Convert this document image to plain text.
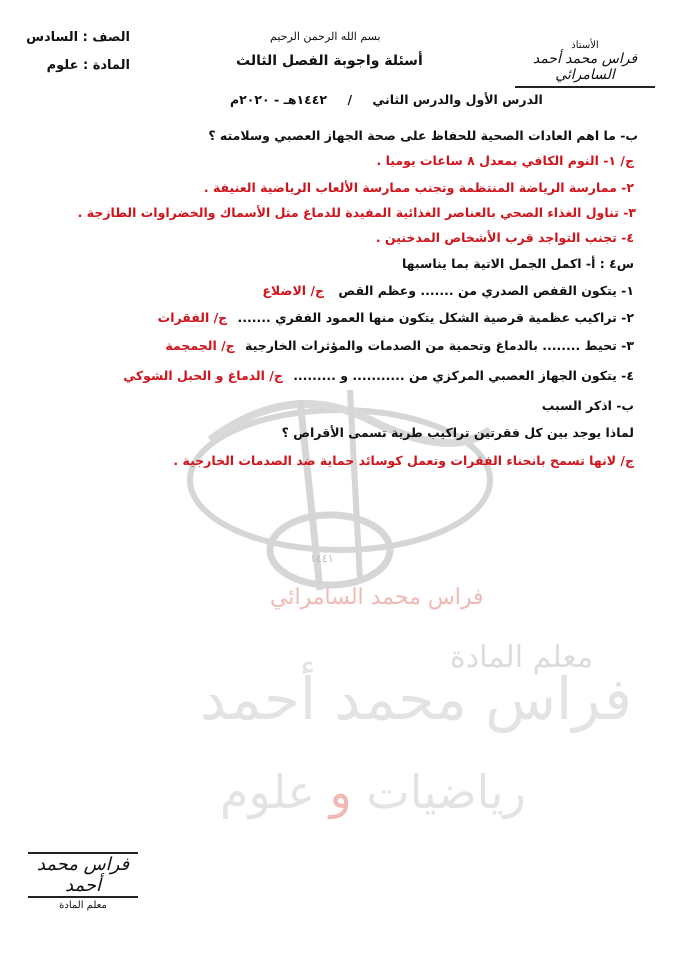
١٤٤١
فراس محمد السامرائي
معلم المادة
فراس محمد أحمد
رياضيات و علوم
الصف : السادس
المادة : علوم
بسم الله الرحمن الرحيم
أسئلة واجوبة الفصل الثالث
الدرس الأول والدرس الثاني / ١٤٤٢هـ - ٢٠٢٠م
الأستاذ
فراس محمد أحمد السامرائي
ب- ما اهم العادات الصحية للحفاظ على صحة الجهاز العصبي وسلامته ؟
ج/ ١- النوم الكافي بمعدل ٨ ساعات يوميا .
٢- ممارسة الرياضة المنتظمة وتجنب ممارسة الألعاب الرياضية العنيفة .
٣- تناول الغذاء الصحي بالعناصر الغذائية المفيدة للدماغ مثل الأسماك والخضراوات الطازجة .
٤- تجنب التواجد قرب الأشخاص المدخنين .
س٤ : أ- اكمل الجمل الاتية بما يناسبها
١- يتكون القفص الصدري من ....... وعظم القص ج/ الاضلاع
٢- تراكيب عظمية قرصية الشكل يتكون منها العمود الفقري ....... ج/ الفقرات
٣- تحيط ........ بالدماغ وتحمية من الصدمات والمؤثرات الخارجية ج/ الجمجمة
٤- يتكون الجهاز العصبي المركزي من ........... و ......... ج/ الدماغ و الحبل الشوكي
ب- اذكر السبب
لماذا يوجد بين كل فقرتين تراكيب طرية تسمى الأقراص ؟
ج/ لانها تسمح بانحناء الفقرات وتعمل كوسائد حماية ضد الصدمات الخارجية .
فراس محمد أحمد
معلم المادة
